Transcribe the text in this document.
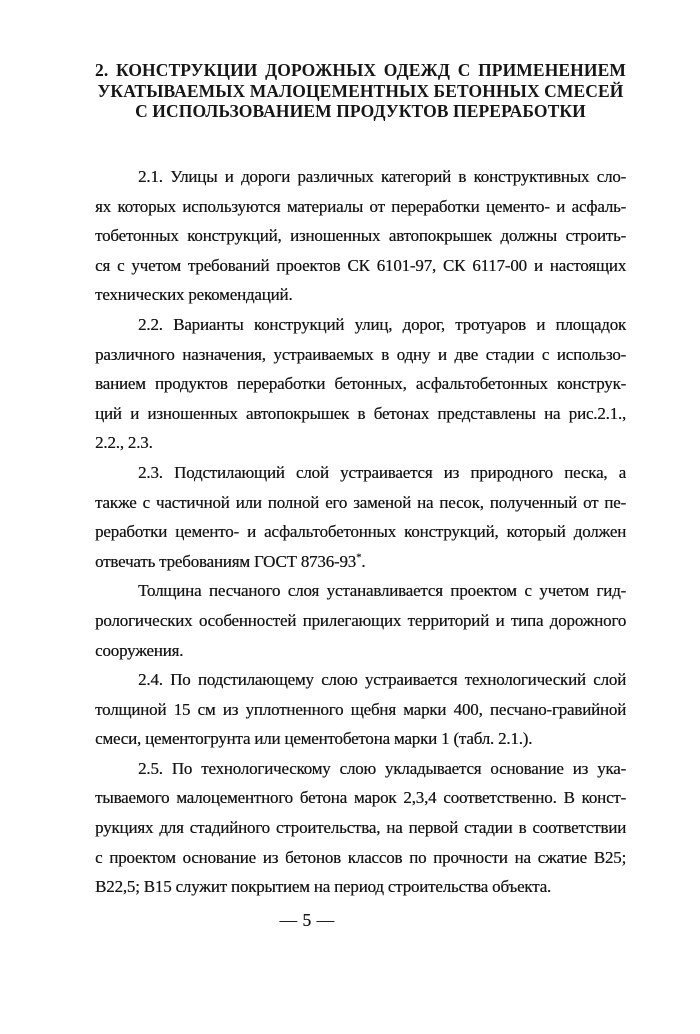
2. КОНСТРУКЦИИ ДОРОЖНЫХ ОДЕЖД С ПРИМЕНЕНИЕМ
УКАТЫВАЕМЫХ МАЛОЦЕМЕНТНЫХ БЕТОННЫХ СМЕСЕЙ
С ИСПОЛЬЗОВАНИЕМ ПРОДУКТОВ ПЕРЕРАБОТКИ
2.1. Улицы и дороги различных категорий в конструктивных сло-
ях которых используются материалы от переработки цементо- и асфаль-
тобетонных конструкций, изношенных автопокрышек должны строить-
ся с учетом требований проектов СК 6101-97, СК 6117-00 и настоящих
технических рекомендаций.
2.2. Варианты конструкций улиц, дорог, тротуаров и площадок
различного назначения, устраиваемых в одну и две стадии с использо-
ванием продуктов переработки бетонных, асфальтобетонных конструк-
ций и изношенных автопокрышек в бетонах представлены на рис.2.1.,
2.2., 2.3.
2.3. Подстилающий слой устраивается из природного песка, а
также с частичной или полной его заменой на песок, полученный от пе-
реработки цементо- и асфальтобетонных конструкций, который должен
отвечать требованиям ГОСТ 8736-93*.
Толщина песчаного слоя устанавливается проектом с учетом гид-
рологических особенностей прилегающих территорий и типа дорожного
сооружения.
2.4. По подстилающему слою устраивается технологический слой
толщиной 15 см из уплотненного щебня марки 400, песчано-гравийной
смеси, цементогрунта или цементобетона марки 1 (табл. 2.1.).
2.5. По технологическому слою укладывается основание из ука-
тываемого малоцементного бетона марок 2,3,4 соответственно. В конст-
рукциях для стадийного строительства, на первой стадии в соответствии
с проектом основание из бетонов классов по прочности на сжатие В25;
В22,5; В15 служит покрытием на период строительства объекта.
— 5 —
